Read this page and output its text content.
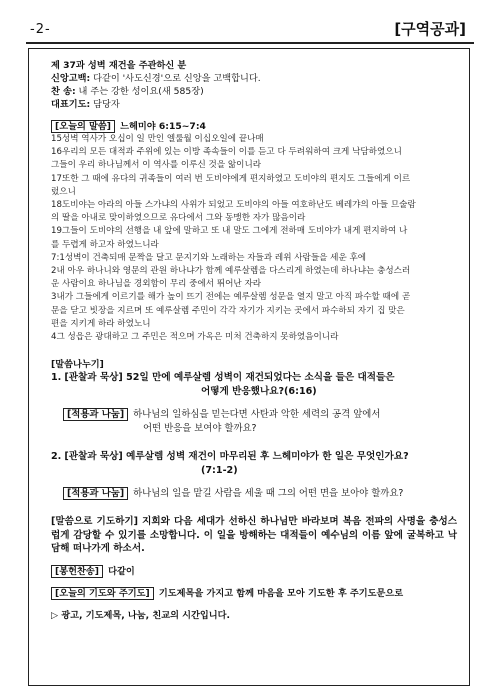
-2-	[구역공과]
제 37과 성벽 재건을 주관하신 분
신앙고백: 다같이 '사도신경'으로 신앙을 고백합니다.
찬 송: 내 주는 강한 성이요(새 585장)
대표기도: 담당자
[오늘의 말씀] 느헤미야 6:15~7:4
15성벽 역사가 오십이 일 만인 엘룰월 이십오일에 끝나매
16우리의 모든 대적과 주위에 있는 이방 족속들이 이를 듣고 다 두려워하여 크게 낙담하였으니
그들이 우리 하나님께서 이 역사를 이루신 것을 앎이니라
17또한 그 때에 유다의 귀족들이 여러 번 도비야에게 편지하였고 도비야의 편지도 그들에게 이르
렀으니
18도비야는 아라의 아들 스가냐의 사위가 되었고 도비야의 아들 여호하난도 베레갸의 아들 므술람
의 딸을 아내로 맞이하였으므로 유다에서 그와 동맹한 자가 많음이라
19그들이 도비야의 선행을 내 앞에 말하고 또 내 말도 그에게 전하매 도비야가 내게 편지하여 나
를 두렵게 하고자 하였느니라
7:1성벽이 건축되매 문짝을 달고 문지기와 노래하는 자들과 레위 사람들을 세운 후에
2내 아우 하나니와 영문의 관원 하나냐가 함께 예루살렘을 다스리게 하였는데 하나냐는 충성스러
운 사람이요 하나님을 경외함이 무리 중에서 뛰어난 자라
3내가 그들에게 이르기를 해가 높이 뜨기 전에는 예루살렘 성문을 열지 말고 아직 파수할 때에 곧
문을 닫고 빗장을 지르며 또 예루살렘 주민이 각각 자기가 지키는 곳에서 파수하되 자기 집 맞은
편을 지키게 하라 하였노니
4그 성읍은 광대하고 그 주민은 적으며 가옥은 미처 건축하지 못하였음이니라
[말씀나누기]
1. [관찰과 묵상] 52일 만에 예루살렘 성벽이 재건되었다는 소식을 들은 대적들은
어떻게 반응했나요?(6:16)
[적용과 나눔] 하나님의 일하심을 믿는다면 사탄과 악한 세력의 공격 앞에서
어떤 반응을 보여야 할까요?
2. [관찰과 묵상] 예루살렘 성벽 재건이 마무리된 후 느헤미야가 한 일은 무엇인가요?
(7:1-2)
[적용과 나눔] 하나님의 일을 맡길 사람을 세울 때 그의 어떤 면을 보아야 할까요?
[말씀으로 기도하기] 지희와 다음 세대가 선하신 하나님만 바라보며 복음 전파의 사명을 충성스럽게 감당할 수 있기를 소망합니다. 이 일을 방해하는 대적들이 예수님의 이름 앞에 굴복하고 낙담해 떠나가게 하소서.
[봉헌찬송] 다같이
[오늘의 기도와 주기도] 기도제목을 가지고 함께 마음을 모아 기도한 후 주기도문으로
▷ 광고, 기도제목, 나눔, 친교의 시간입니다.
